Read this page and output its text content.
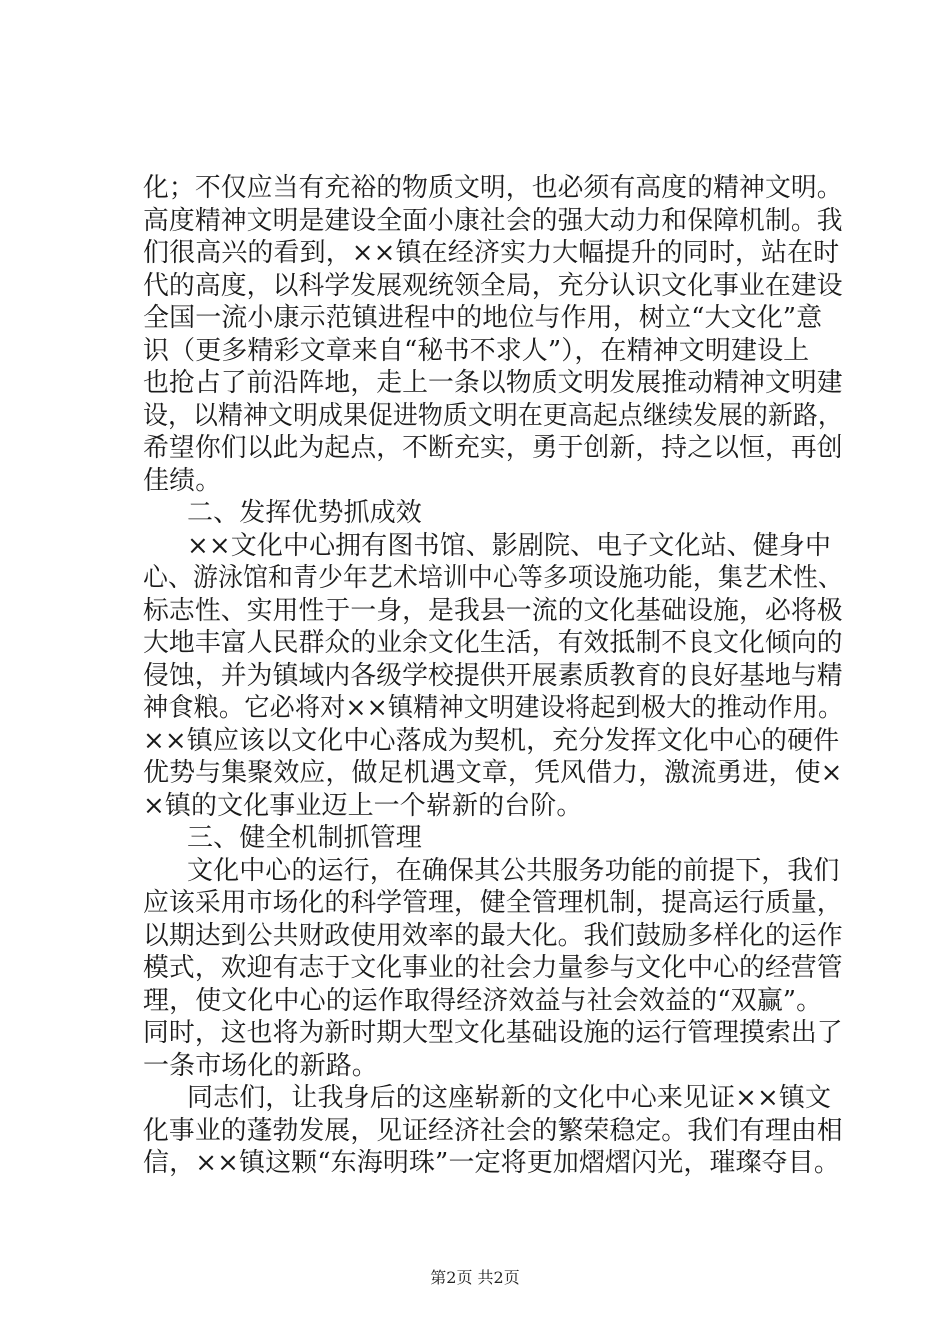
化；不仅应当有充裕的物质文明，也必须有高度的精神文明。
高度精神文明是建设全面小康社会的强大动力和保障机制。我
们很高兴的看到，××镇在经济实力大幅提升的同时，站在时
代的高度，以科学发展观统领全局，充分认识文化事业在建设
全国一流小康示范镇进程中的地位与作用，树立“大文化”意
识（更多精彩文章来自“秘书不求人”），在精神文明建设上
也抢占了前沿阵地，走上一条以物质文明发展推动精神文明建
设，以精神文明成果促进物质文明在更高起点继续发展的新路，
希望你们以此为起点，不断充实，勇于创新，持之以恒，再创
佳绩。
二、发挥优势抓成效
××文化中心拥有图书馆、影剧院、电子文化站、健身中
心、游泳馆和青少年艺术培训中心等多项设施功能，集艺术性、
标志性、实用性于一身，是我县一流的文化基础设施，必将极
大地丰富人民群众的业余文化生活，有效抵制不良文化倾向的
侵蚀，并为镇域内各级学校提供开展素质教育的良好基地与精
神食粮。它必将对××镇精神文明建设将起到极大的推动作用。
××镇应该以文化中心落成为契机，充分发挥文化中心的硬件
优势与集聚效应，做足机遇文章，凭风借力，激流勇进，使×
×镇的文化事业迈上一个崭新的台阶。
三、健全机制抓管理
文化中心的运行，在确保其公共服务功能的前提下，我们
应该采用市场化的科学管理，健全管理机制，提高运行质量，
以期达到公共财政使用效率的最大化。我们鼓励多样化的运作
模式，欢迎有志于文化事业的社会力量参与文化中心的经营管
理，使文化中心的运作取得经济效益与社会效益的“双赢”。
同时，这也将为新时期大型文化基础设施的运行管理摸索出了
一条市场化的新路。
同志们，让我身后的这座崭新的文化中心来见证××镇文
化事业的蓬勃发展，见证经济社会的繁荣稳定。我们有理由相
信，××镇这颗“东海明珠”一定将更加熠熠闪光，璀璨夺目。
第2页 共2页
